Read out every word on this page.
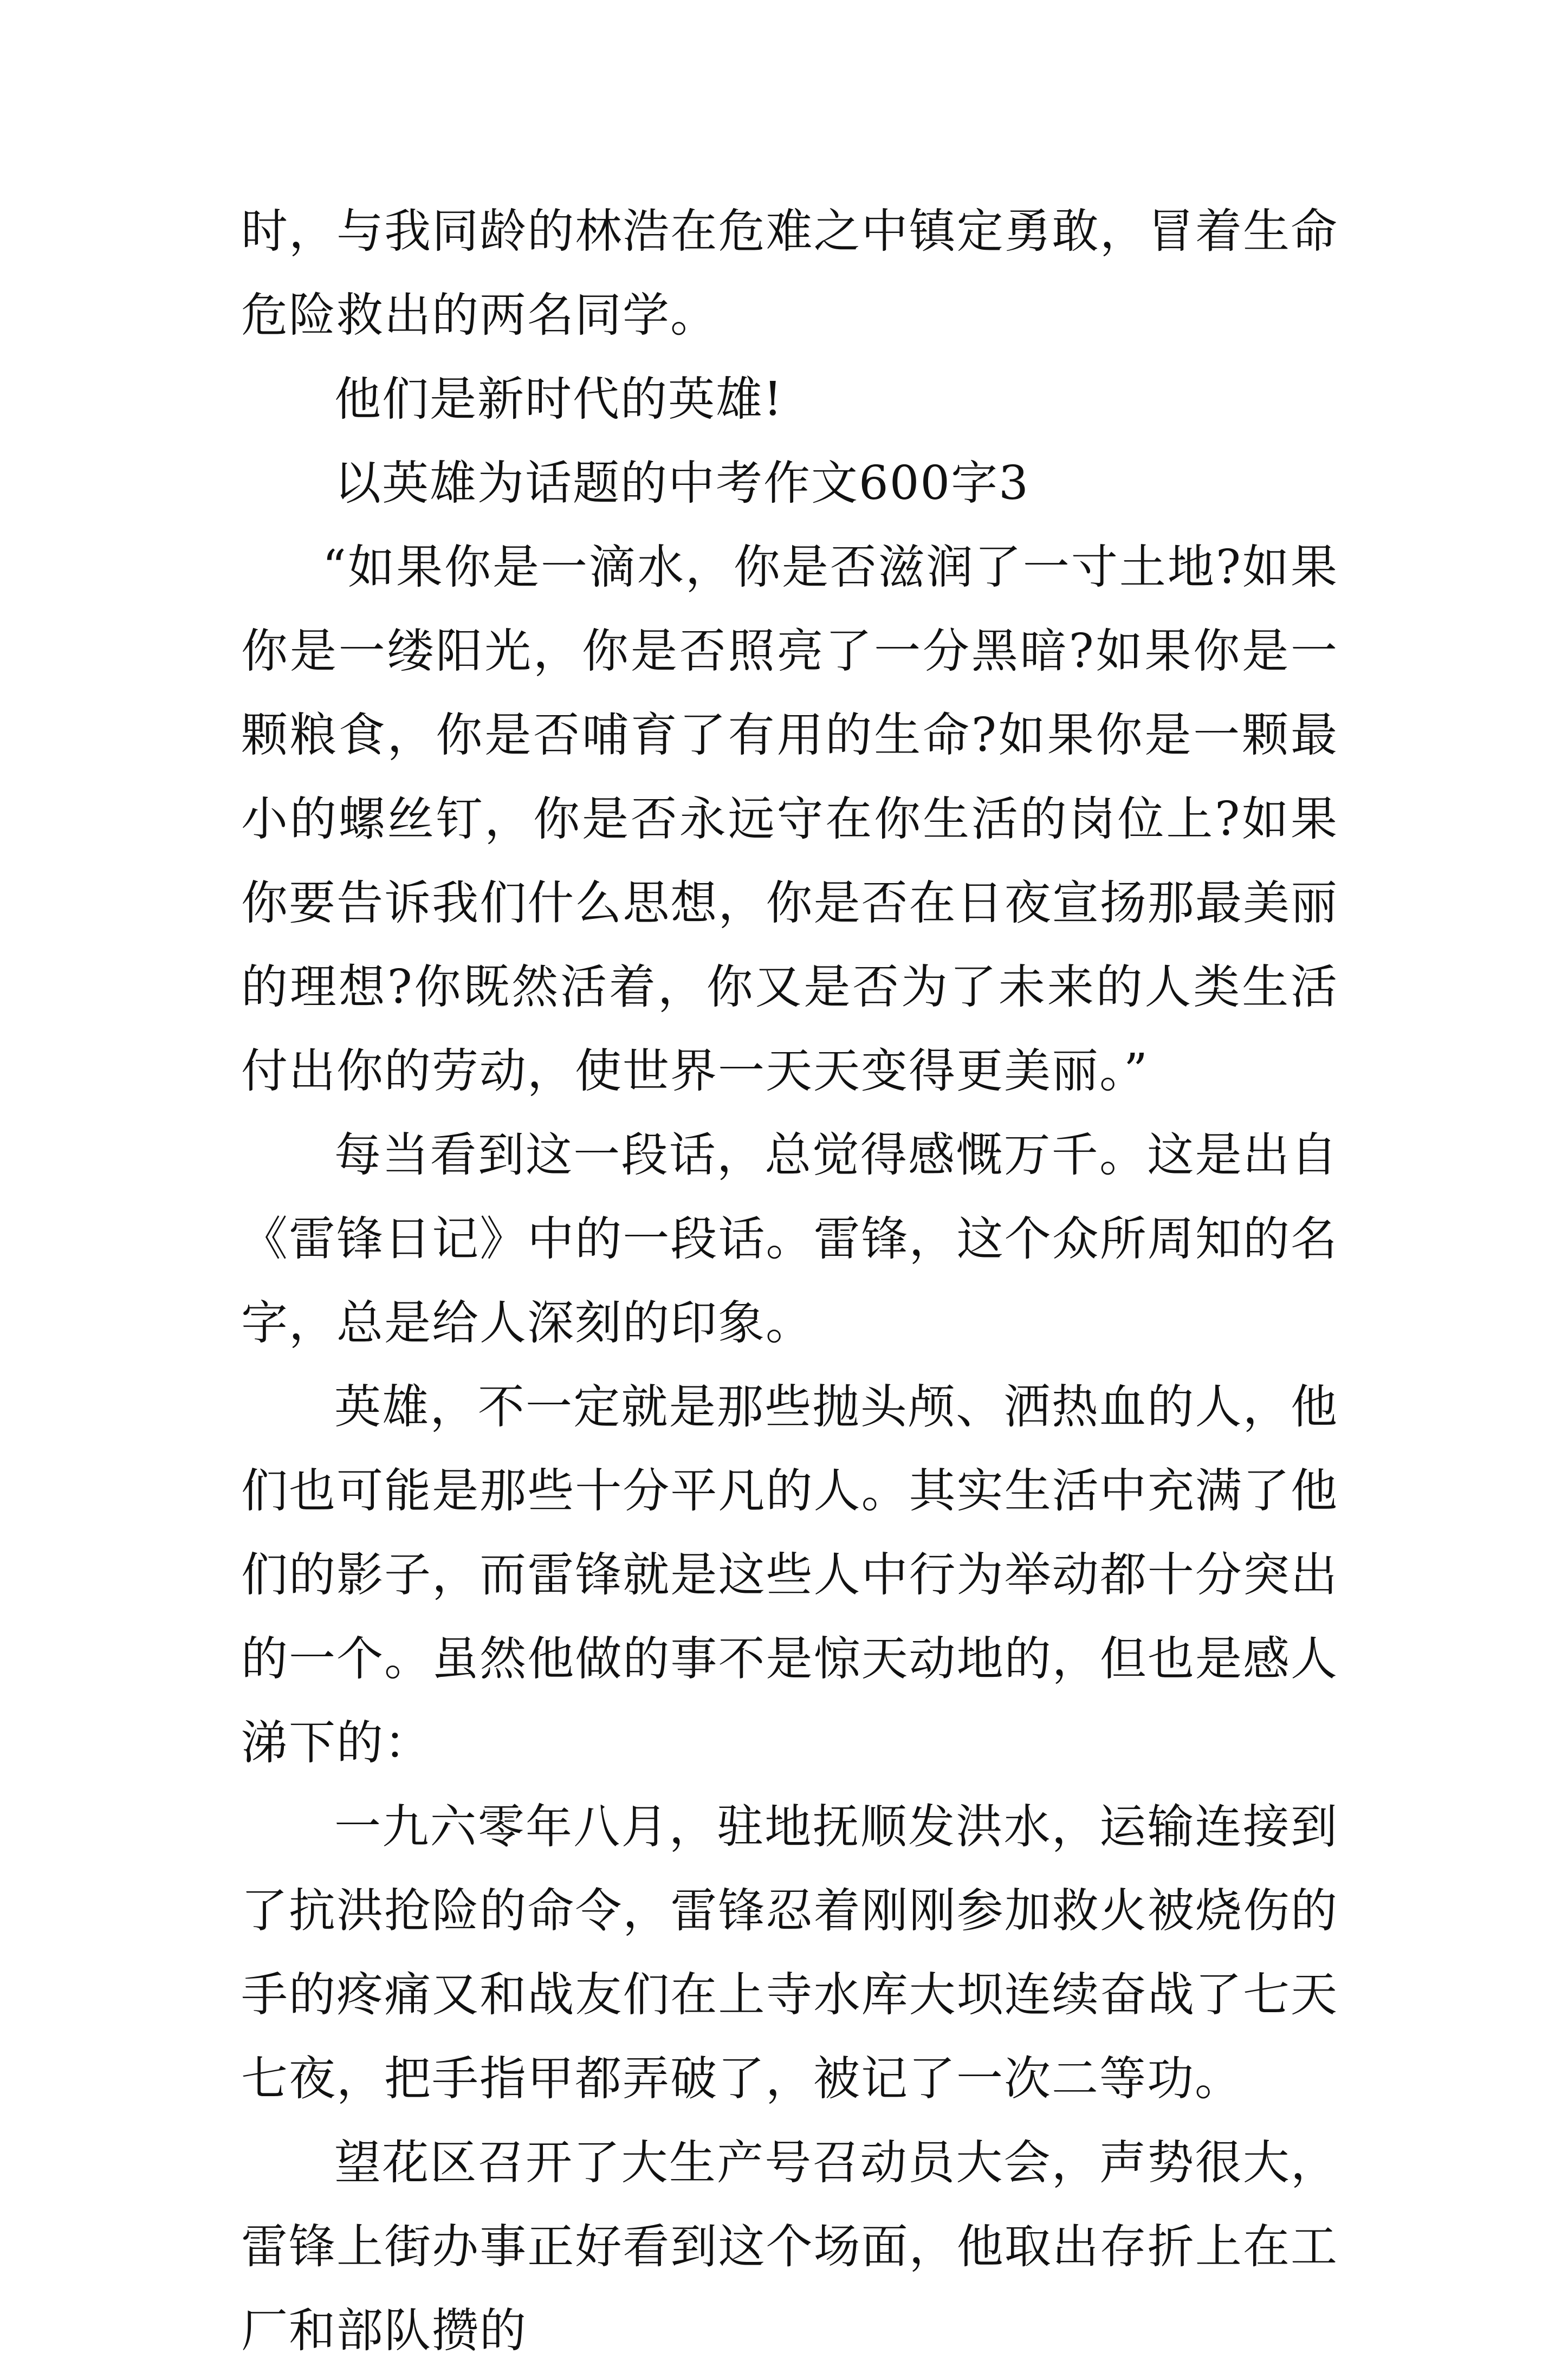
时，与我同龄的林浩在危难之中镇定勇敢，冒着生命危险救出的两名同学。

他们是新时代的英雄!

以英雄为话题的中考作文600字3

“如果你是一滴水，你是否滋润了一寸土地?如果你是一缕阳光，你是否照亮了一分黑暗?如果你是一颗粮食，你是否哺育了有用的生命?如果你是一颗最小的螺丝钉，你是否永远守在你生活的岗位上?如果你要告诉我们什么思想，你是否在日夜宣扬那最美丽的理想?你既然活着，你又是否为了未来的人类生活付出你的劳动，使世界一天天变得更美丽。”

每当看到这一段话，总觉得感慨万千。这是出自《雷锋日记》中的一段话。雷锋，这个众所周知的名字，总是给人深刻的印象。

英雄，不一定就是那些抛头颅、洒热血的人，他们也可能是那些十分平凡的人。其实生活中充满了他们的影子，而雷锋就是这些人中行为举动都十分突出的一个。虽然他做的事不是惊天动地的，但也是感人涕下的：

一九六零年八月，驻地抚顺发洪水，运输连接到了抗洪抢险的命令，雷锋忍着刚刚参加救火被烧伤的手的疼痛又和战友们在上寺水库大坝连续奋战了七天七夜，把手指甲都弄破了，被记了一次二等功。

望花区召开了大生产号召动员大会，声势很大，雷锋上街办事正好看到这个场面，他取出存折上在工厂和部队攒的
